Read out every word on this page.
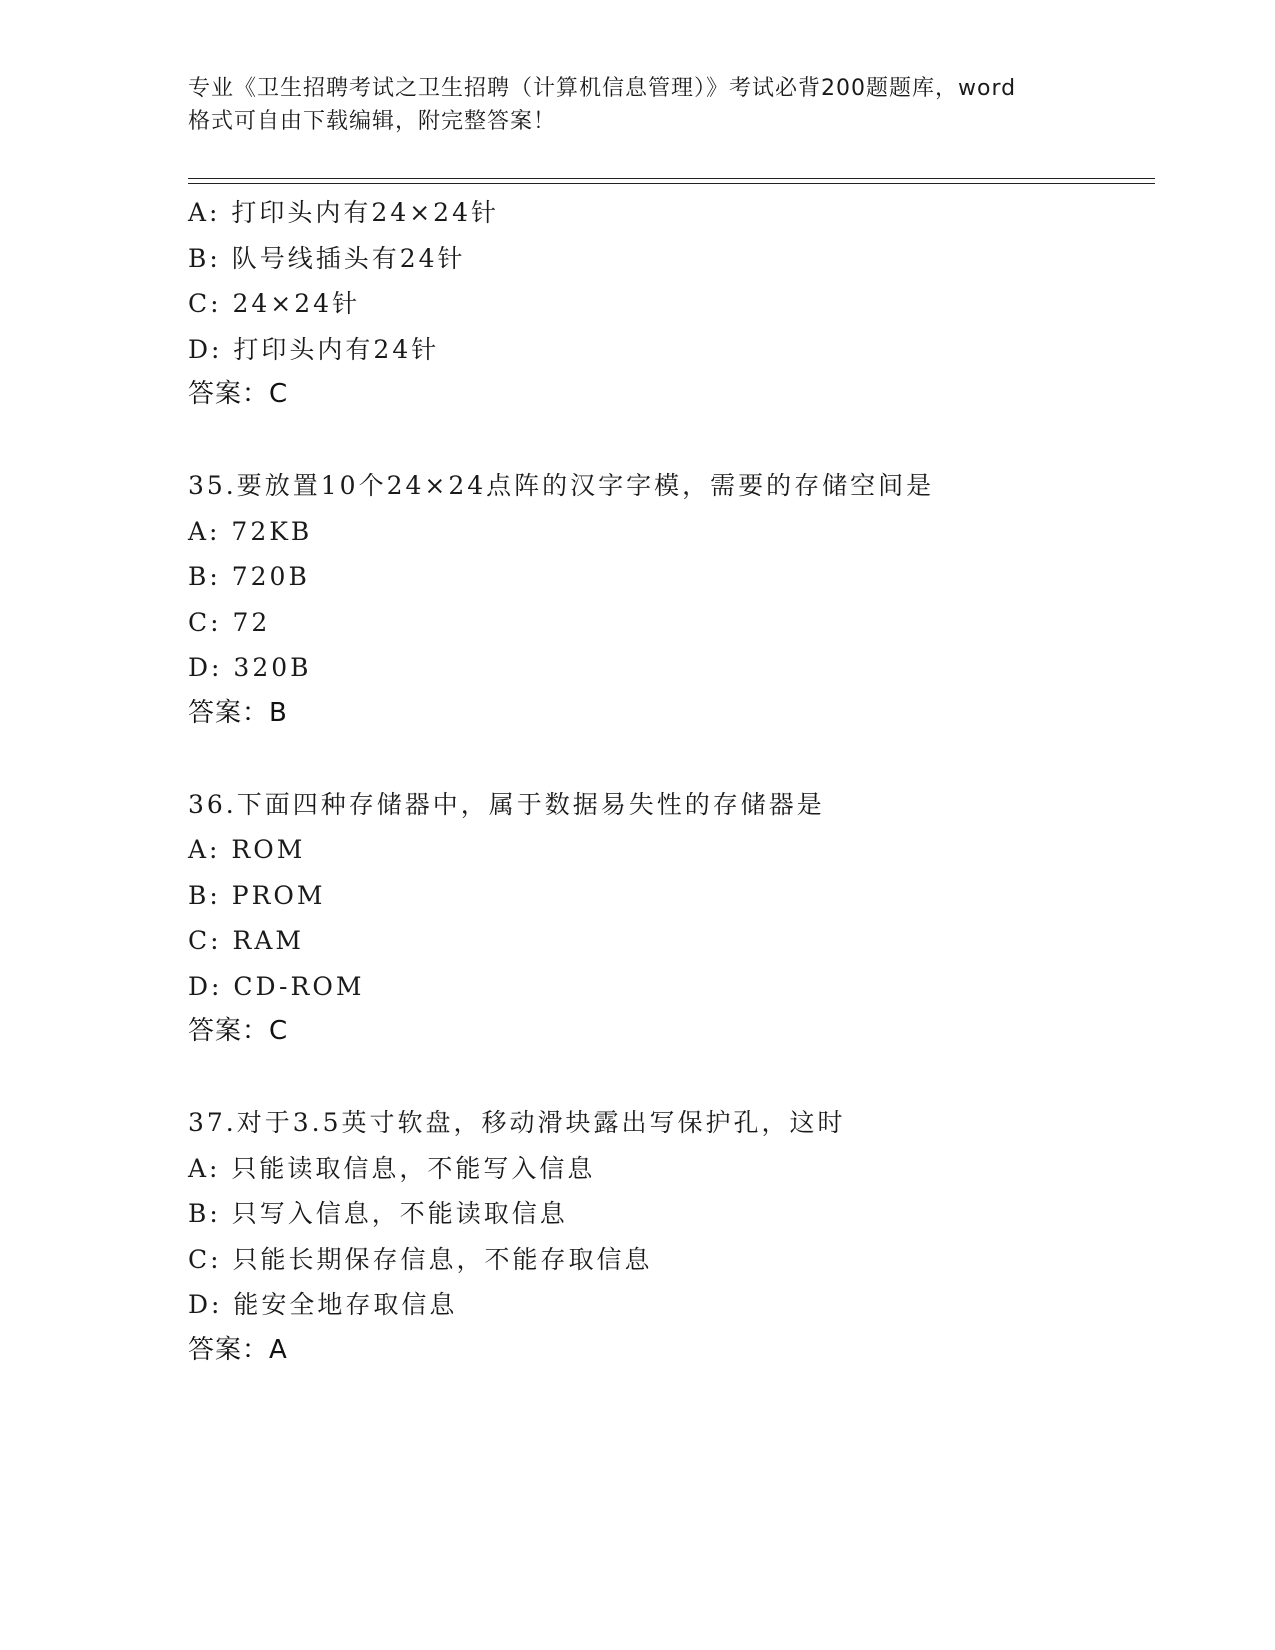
专业《卫生招聘考试之卫生招聘（计算机信息管理）》考试必背200题题库，word
格式可自由下载编辑，附完整答案！
A: 打印头内有24×24针
B: 队号线插头有24针
C: 24×24针
D: 打印头内有24针
答案：C
35.要放置10个24×24点阵的汉字字模，需要的存储空间是
A: 72KB
B: 720B
C: 72
D: 320B
答案：B
36.下面四种存储器中，属于数据易失性的存储器是
A: ROM
B: PROM
C: RAM
D: CD-ROM
答案：C
37.对于3.5英寸软盘，移动滑块露出写保护孔，这时
A: 只能读取信息，不能写入信息
B: 只写入信息，不能读取信息
C: 只能长期保存信息，不能存取信息
D: 能安全地存取信息
答案：A
